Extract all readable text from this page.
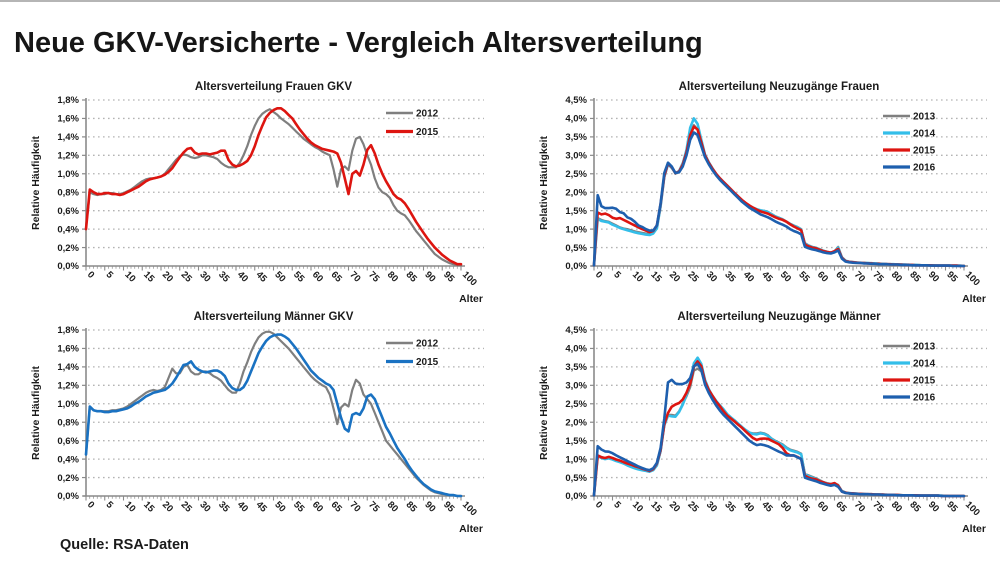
Neue GKV-Versicherte - Vergleich Altersverteilung
0,0%
0,2%
0,4%
0,6%
0,8%
1,0%
1,2%
1,4%
1,6%
1,8%
0 5 10 15 20 25 30 35 40 45 50 55 60 65 70 75 80 85 90 95 100
Altersverteilung Frauen GKV
Relative Häufigkeit
Alter
2012
2015
0,0%
0,5%
1,0%
1,5%
2,0%
2,5%
3,0%
3,5%
4,0%
4,5%
0 5 10 15 20 25 30 35 40 45 50 55 60 65 70 75 80 85 90 95 100
Altersverteilung Neuzugänge Frauen
Relative Häufigkeit
Alter
2013
2014
2015
2016
0,0%
0,2%
0,4%
0,6%
0,8%
1,0%
1,2%
1,4%
1,6%
1,8%
0 5 10 15 20 25 30 35 40 45 50 55 60 65 70 75 80 85 90 95 100
Altersverteilung Männer GKV
Relative Häufigkeit
Alter
2012
2015
0,0%
0,5%
1,0%
1,5%
2,0%
2,5%
3,0%
3,5%
4,0%
4,5%
0 5 10 15 20 25 30 35 40 45 50 55 60 65 70 75 80 85 90 95 100
Altersverteilung Neuzugänge Männer
Relative Häufigkeit
Alter
2013
2014
2015
2016
Quelle: RSA-Daten
